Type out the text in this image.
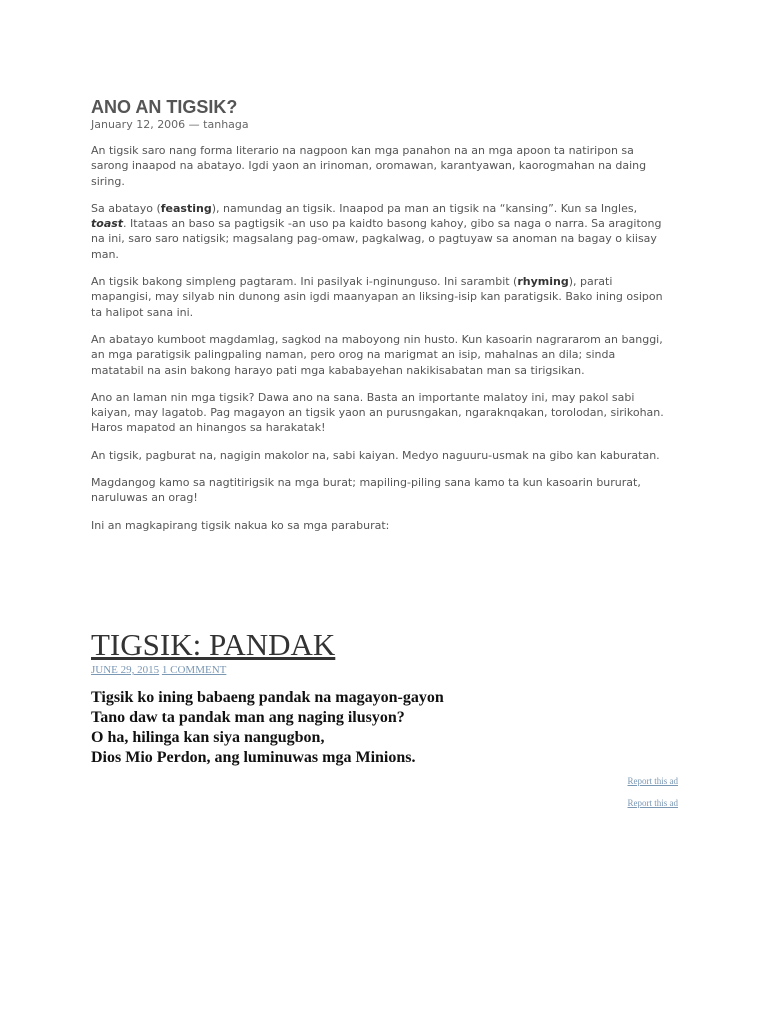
ANO AN TIGSIK?
January 12, 2006 — tanhaga

An tigsik saro nang forma literario na nagpoon kan mga panahon na an mga apoon ta natiripon sa sarong inaapod na abatayo. Igdi yaon an irinoman, oromawan, karantyawan, kaorogmahan na daing siring.

Sa abatayo (feasting), namundag an tigsik. Inaapod pa man an tigsik na “kansing”. Kun sa Ingles, toast. Itataas an baso sa pagtigsik -an uso pa kaidto basong kahoy, gibo sa naga o narra. Sa aragitong na ini, saro saro natigsik; magsalang pag-omaw, pagkalwag, o pagtuyaw sa anoman na bagay o kiisay man.

An tigsik bakong simpleng pagtaram. Ini pasilyak i-nginunguso. Ini sarambit (rhyming), parati mapangisi, may silyab nin dunong asin igdi maanyapan an liksing-isip kan paratigsik. Bako ining osipon ta halipot sana ini.

An abatayo kumboot magdamlag, sagkod na maboyong nin husto. Kun kasoarin nagrararom an banggi, an mga paratigsik palingpaling naman, pero orog na marigmat an isip, mahalnas an dila; sinda matatabil na asin bakong harayo pati mga kababayehan nakikisabatan man sa tirigsikan.

Ano an laman nin mga tigsik? Dawa ano na sana. Basta an importante malatoy ini, may pakol sabi kaiyan, may lagatob. Pag magayon an tigsik yaon an purusngakan, ngaraknqakan, torolodan, sirikohan. Haros mapatod an hinangos sa harakatak!

An tigsik, pagburat na, nagigin makolor na, sabi kaiyan. Medyo naguuru-usmak na gibo kan kaburatan.

Magdangog kamo sa nagtitirigsik na mga burat; mapiling-piling sana kamo ta kun kasoarin bururat, naruluwas an orag!

Ini an magkapirang tigsik nakua ko sa mga paraburat:

TIGSIK: PANDAK
JUNE 29, 2015 1 COMMENT
Tigsik ko ining babaeng pandak na magayon-gayon
Tano daw ta pandak man ang naging ilusyon?
O ha, hilinga kan siya nangugbon,
Dios Mio Perdon, ang luminuwas mga Minions.
Report this ad
Report this ad
